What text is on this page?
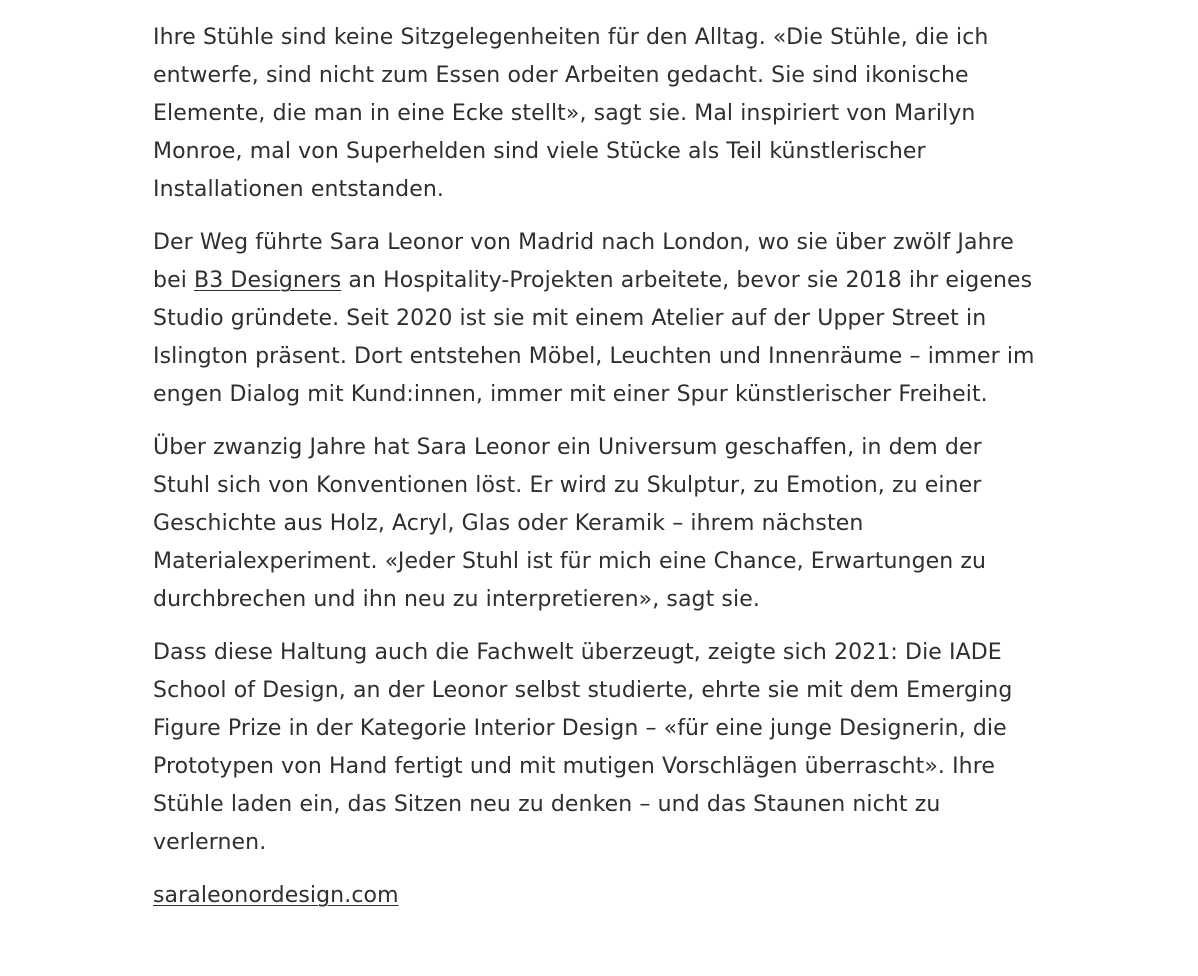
Ihre Stühle sind keine Sitzgelegenheiten für den Alltag. «Die Stühle, die ich entwerfe, sind nicht zum Essen oder Arbeiten gedacht. Sie sind ikonische Elemente, die man in eine Ecke stellt», sagt sie. Mal inspiriert von Marilyn Monroe, mal von Superhelden sind viele Stücke als Teil künstlerischer Installationen entstanden.

Der Weg führte Sara Leonor von Madrid nach London, wo sie über zwölf Jahre bei B3 Designers an Hospitality-Projekten arbeitete, bevor sie 2018 ihr eigenes Studio gründete. Seit 2020 ist sie mit einem Atelier auf der Upper Street in Islington präsent. Dort entstehen Möbel, Leuchten und Innenräume – immer im engen Dialog mit Kund:innen, immer mit einer Spur künstlerischer Freiheit.

Über zwanzig Jahre hat Sara Leonor ein Universum geschaffen, in dem der Stuhl sich von Konventionen löst. Er wird zu Skulptur, zu Emotion, zu einer Geschichte aus Holz, Acryl, Glas oder Keramik – ihrem nächsten Materialexperiment. «Jeder Stuhl ist für mich eine Chance, Erwartungen zu durchbrechen und ihn neu zu interpretieren», sagt sie.

Dass diese Haltung auch die Fachwelt überzeugt, zeigte sich 2021: Die IADE School of Design, an der Leonor selbst studierte, ehrte sie mit dem Emerging Figure Prize in der Kategorie Interior Design – «für eine junge Designerin, die Prototypen von Hand fertigt und mit mutigen Vorschlägen überrascht». Ihre Stühle laden ein, das Sitzen neu zu denken – und das Staunen nicht zu verlernen.

saraleonordesign.com
